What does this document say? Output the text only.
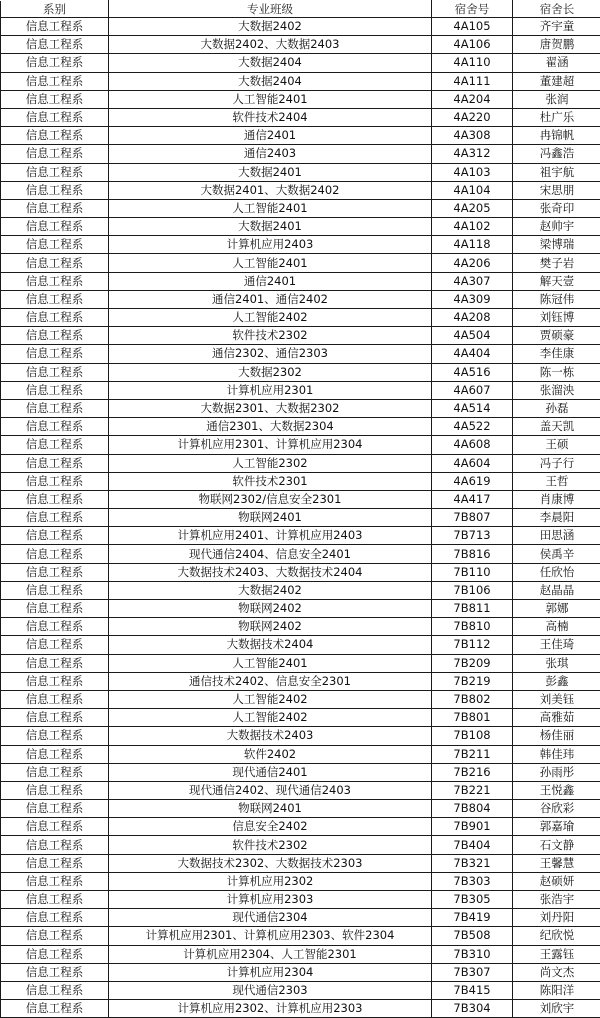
系别	专业班级	宿舍号	宿舍长
信息工程系	大数据2402	4A105	齐宇童
信息工程系	大数据2402、大数据2403	4A106	唐贺鹏
信息工程系	大数据2404	4A110	翟涵
信息工程系	大数据2404	4A111	董建超
信息工程系	人工智能2401	4A204	张润
信息工程系	软件技术2404	4A220	杜广乐
信息工程系	通信2401	4A308	冉锦帆
信息工程系	通信2403	4A312	冯鑫浩
信息工程系	大数据2401	4A103	祖宇航
信息工程系	大数据2401、大数据2402	4A104	宋思朋
信息工程系	人工智能2401	4A205	张奇印
信息工程系	大数据2401	4A102	赵帅宇
信息工程系	计算机应用2403	4A118	梁博瑞
信息工程系	人工智能2401	4A206	樊子岩
信息工程系	通信2401	4A307	解天壹
信息工程系	通信2401、通信2402	4A309	陈冠伟
信息工程系	人工智能2402	4A208	刘钰博
信息工程系	软件技术2302	4A504	贾硕豪
信息工程系	通信2302、通信2303	4A404	李佳康
信息工程系	大数据2302	4A516	陈一栋
信息工程系	计算机应用2301	4A607	张溜泱
信息工程系	大数据2301、大数据2302	4A514	孙磊
信息工程系	通信2301、大数据2304	4A522	盖天凯
信息工程系	计算机应用2301、计算机应用2304	4A608	王硕
信息工程系	人工智能2302	4A604	冯子行
信息工程系	软件技术2301	4A619	王哲
信息工程系	物联网2302/信息安全2301	4A417	肖康博
信息工程系	物联网2401	7B807	李晨阳
信息工程系	计算机应用2401、计算机应用2403	7B713	田思涵
信息工程系	现代通信2404、信息安全2401	7B816	侯禹辛
信息工程系	大数据技术2403、大数据技术2404	7B110	任欣怡
信息工程系	大数据2402	7B106	赵晶晶
信息工程系	物联网2402	7B811	郭娜
信息工程系	物联网2402	7B810	高楠
信息工程系	大数据技术2404	7B112	王佳琦
信息工程系	人工智能2401	7B209	张琪
信息工程系	通信技术2402、信息安全2301	7B219	彭鑫
信息工程系	人工智能2402	7B802	刘美钰
信息工程系	人工智能2402	7B801	高雅茹
信息工程系	大数据技术2403	7B108	杨佳丽
信息工程系	软件2402	7B211	韩佳玮
信息工程系	现代通信2401	7B216	孙雨彤
信息工程系	现代通信2402、现代通信2403	7B221	王悦鑫
信息工程系	物联网2401	7B804	谷欣彩
信息工程系	信息安全2402	7B901	郭嘉瑜
信息工程系	软件技术2302	7B404	石文静
信息工程系	大数据技术2302、大数据技术2303	7B321	王馨慧
信息工程系	计算机应用2302	7B303	赵硕妍
信息工程系	计算机应用2303	7B305	张浩宇
信息工程系	现代通信2304	7B419	刘丹阳
信息工程系	计算机应用2301、计算机应用2303、软件2304	7B508	纪欣悦
信息工程系	计算机应用2304、人工智能2301	7B310	王露钰
信息工程系	计算机应用2304	7B307	尚文杰
信息工程系	现代通信2303	7B415	陈阳洋
信息工程系	计算机应用2302、计算机应用2303	7B304	刘欣宇
